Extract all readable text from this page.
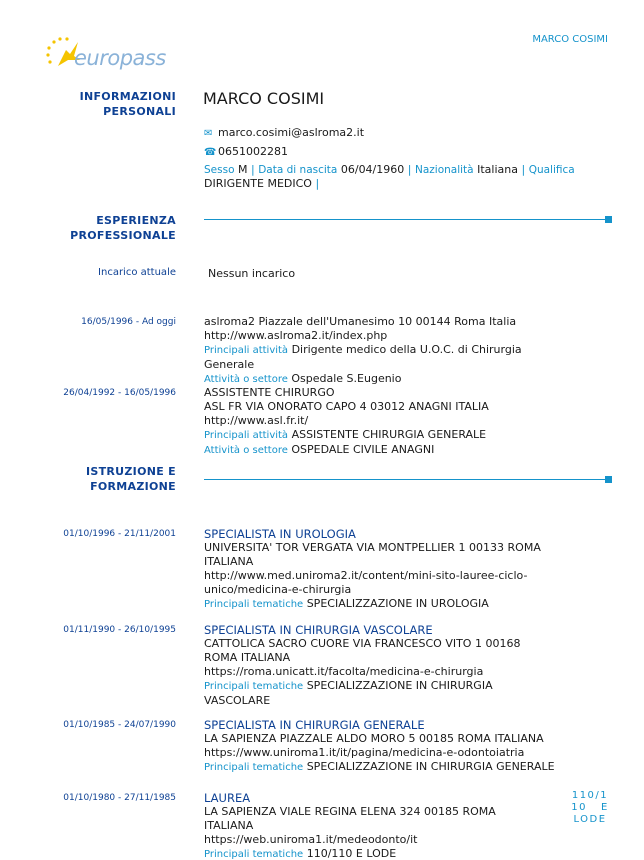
europass
MARCO COSIMI
INFORMAZIONI
PERSONALI
MARCO COSIMI
✉ marco.cosimi@aslroma2.it
☎ 0651002281
Sesso M | Data di nascita 06/04/1960 | Nazionalità Italiana | Qualifica
DIRIGENTE MEDICO |
ESPERIENZA
PROFESSIONALE
Incarico attuale	Nessun incarico
16/05/1996 - Ad oggi	aslroma2 Piazzale dell'Umanesimo 10 00144 Roma Italia
http://www.aslroma2.it/index.php
Principali attività Dirigente medico della U.O.C. di Chirurgia Generale
Attività o settore Ospedale S.Eugenio
26/04/1992 - 16/05/1996	ASSISTENTE CHIRURGO
ASL FR VIA ONORATO CAPO 4 03012 ANAGNI ITALIA
http://www.asl.fr.it/
Principali attività ASSISTENTE CHIRURGIA GENERALE
Attività o settore OSPEDALE CIVILE ANAGNI
ISTRUZIONE E
FORMAZIONE
01/10/1996 - 21/11/2001 SPECIALISTA IN UROLOGIA
UNIVERSITA' TOR VERGATA VIA MONTPELLIER 1 00133 ROMA
ITALIANA
http://www.med.uniroma2.it/content/mini-sito-lauree-ciclo-
unico/medicina-e-chirurgia
Principali tematiche SPECIALIZZAZIONE IN UROLOGIA
01/11/1990 - 26/10/1995 SPECIALISTA IN CHIRURGIA VASCOLARE
CATTOLICA SACRO CUORE VIA FRANCESCO VITO 1 00168
ROMA ITALIANA
https://roma.unicatt.it/facolta/medicina-e-chirurgia
Principali tematiche SPECIALIZZAZIONE IN CHIRURGIA
VASCOLARE
01/10/1985 - 24/07/1990 SPECIALISTA IN CHIRURGIA GENERALE
LA SAPIENZA PIAZZALE ALDO MORO 5 00185 ROMA ITALIANA
https://www.uniroma1.it/it/pagina/medicina-e-odontoiatria
Principali tematiche SPECIALIZZAZIONE IN CHIRURGIA GENERALE
01/10/1980 - 27/11/1985 LAUREA
LA SAPIENZA VIALE REGINA ELENA 324 00185 ROMA
ITALIANA
https://web.uniroma1.it/medeodonto/it
Principali tematiche 110/110 E LODE
110/1
10   E
LODE
